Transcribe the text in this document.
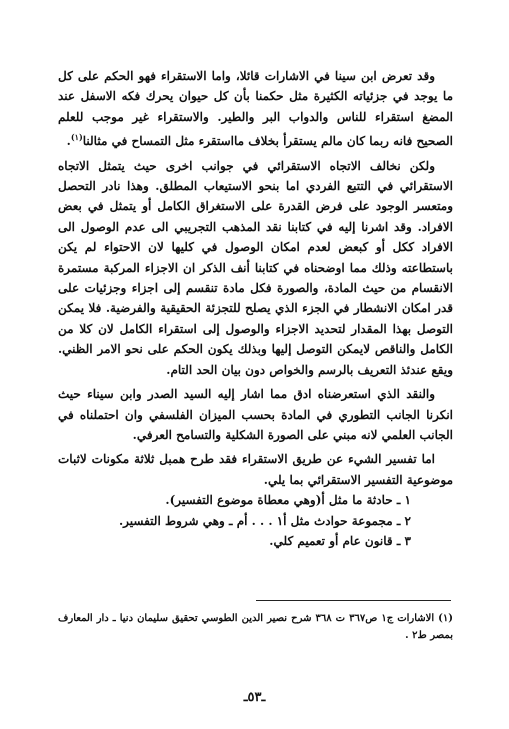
وقد تعرض ابن سينا في الاشارات قائلا، واما الاستقراء فهو الحكم على كل ما يوجد في جزئياته الكثيرة مثل حكمنا بأن كل حيوان يحرك فكه الاسفل عند المضغ استقراء للناس والدواب البر والطير. والاستقراء غير موجب للعلم الصحيح فانه ربما كان مالم يستقرأ بخلاف مااستقرء مثل التمساح في مثالنا$^{(١)}$.

ولكن نخالف الاتجاه الاستقرائي في جوانب اخرى حيث يتمثل الاتجاه الاستقرائي في التتبع الفردي اما بنحو الاستيعاب المطلق. وهذا نادر التحصل ومتعسر الوجود على فرض القدرة على الاستغراق الكامل أو يتمثل في بعض الافراد. وقد اشرنا إليه في كتابنا نقد المذهب التجريبي الى عدم الوصول الى الافراد ككل أو كبعض لعدم امكان الوصول في كليها لان الاحتواء لم يكن باستطاعته وذلك مما اوضحناه في كتابنا أنف الذكر ان الاجزاء المركبة مستمرة الانقسام من حيث المادة، والصورة فكل مادة تنقسم إلى اجزاء وجزئيات على قدر امكان الانشطار في الجزء الذي يصلح للتجزئة الحقيقية والفرضية. فلا يمكن التوصل بهذا المقدار لتحديد الاجزاء والوصول إلى استقراء الكامل لان كلا من الكامل والناقص لايمكن التوصل إليها وبذلك يكون الحكم على نحو الامر الظني. ويقع عندئذ التعريف بالرسم والخواص دون بيان الحد التام.

والنقد الذي استعرضناه ادق مما اشار إليه السيد الصدر وابن سيناء حيث انكرنا الجانب التطوري في المادة بحسب الميزان الفلسفي وان احتملناه في الجانب العلمي لانه مبني على الصورة الشكلية والتسامح العرفي.

اما تفسير الشيء عن طريق الاستقراء فقد طرح همبل ثلاثة مكونات لاثبات موضوعية التفسير الاستقرائي بما يلي.

١ ـ حادثة ما مثل أ(وهي معطاة موضوع التفسير).
٢ ـ مجموعة حوادث مثل أ١ . . . أم ـ وهي شروط التفسير.
٣ ـ قانون عام أو تعميم كلي.
(١) الاشارات ج١ ص٣٦٧ ت ٣٦٨ شرح نصير الدين الطوسي تحقيق سليمان دنيا ـ دار المعارف بمصر ط٢ .
ـ٥٣ـ
